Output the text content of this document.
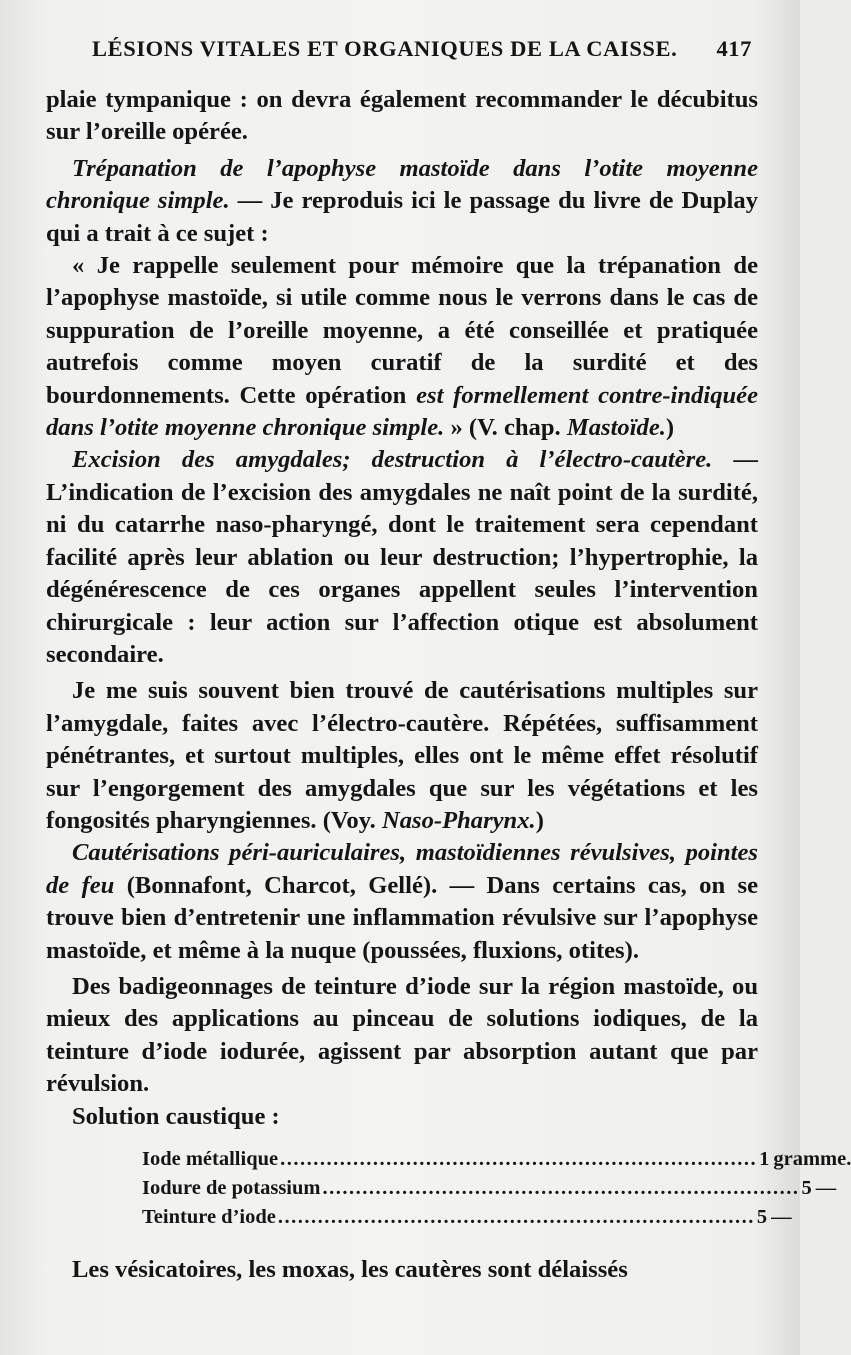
LÉSIONS VITALES ET ORGANIQUES DE LA CAISSE. 417

plaie tympanique : on devra également recommander le décubitus sur l’oreille opérée.

Trépanation de l’apophyse mastoïde dans l’otite moyenne chronique simple. — Je reproduis ici le passage du livre de Duplay qui a trait à ce sujet :

« Je rappelle seulement pour mémoire que la trépanation de l’apophyse mastoïde, si utile comme nous le verrons dans le cas de suppuration de l’oreille moyenne, a été conseillée et pratiquée autrefois comme moyen curatif de la surdité et des bourdonnements. Cette opération est formellement contre-indiquée dans l’otite moyenne chronique simple. » (V. chap. Mastoïde.)

Excision des amygdales; destruction à l’électro-cautère. — L’indication de l’excision des amygdales ne naît point de la surdité, ni du catarrhe naso-pharyngé, dont le traitement sera cependant facilité après leur ablation ou leur destruction; l’hypertrophie, la dégénérescence de ces organes appellent seules l’intervention chirurgicale : leur action sur l’affection otique est absolument secondaire.

Je me suis souvent bien trouvé de cautérisations multiples sur l’amygdale, faites avec l’électro-cautère. Répétées, suffisamment pénétrantes, et surtout multiples, elles ont le même effet résolutif sur l’engorgement des amygdales que sur les végétations et les fongosités pharyngiennes. (Voy. Naso-Pharynx.)

Cautérisations péri-auriculaires, mastoïdiennes révulsives, pointes de feu (Bonnafont, Charcot, Gellé). — Dans certains cas, on se trouve bien d’entretenir une inflammation révulsive sur l’apophyse mastoïde, et même à la nuque (poussées, fluxions, otites).

Des badigeonnages de teinture d’iode sur la région mastoïde, ou mieux des applications au pinceau de solutions iodiques, de la teinture d’iode iodurée, agissent par absorption autant que par révulsion.

Solution caustique :

Iode métallique ........................................................................ 1 gramme.
Iodure de potassium ........................................................................ 5 —
Teinture d’iode ........................................................................ 5 —

Les vésicatoires, les moxas, les cautères sont délaissés
